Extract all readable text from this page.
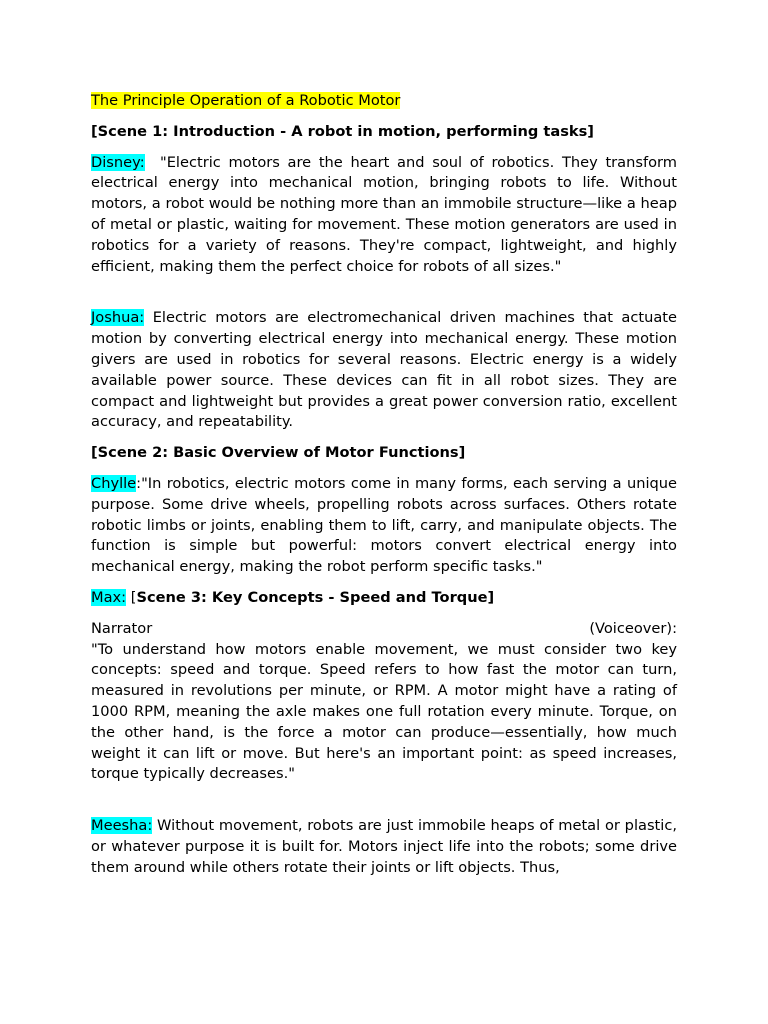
The Principle Operation of a Robotic Motor

[Scene 1: Introduction - A robot in motion, performing tasks]

Disney:  "Electric motors are the heart and soul of robotics. They transform electrical energy into mechanical motion, bringing robots to life. Without motors, a robot would be nothing more than an immobile structure—like a heap of metal or plastic, waiting for movement. These motion generators are used in robotics for a variety of reasons. They're compact, lightweight, and highly efficient, making them the perfect choice for robots of all sizes."

Joshua: Electric motors are electromechanical driven machines that actuate motion by converting electrical energy into mechanical energy. These motion givers are used in robotics for several reasons. Electric energy is a widely available power source. These devices can fit in all robot sizes. They are compact and lightweight but provides a great power conversion ratio, excellent accuracy, and repeatability.

[Scene 2: Basic Overview of Motor Functions]

Chylle:"In robotics, electric motors come in many forms, each serving a unique purpose. Some drive wheels, propelling robots across surfaces. Others rotate robotic limbs or joints, enabling them to lift, carry, and manipulate objects. The function is simple but powerful: motors convert electrical energy into mechanical energy, making the robot perform specific tasks."

Max: [Scene 3: Key Concepts - Speed and Torque]

Narrator	(Voiceover):
"To understand how motors enable movement, we must consider two key concepts: speed and torque. Speed refers to how fast the motor can turn, measured in revolutions per minute, or RPM. A motor might have a rating of 1000 RPM, meaning the axle makes one full rotation every minute. Torque, on the other hand, is the force a motor can produce—essentially, how much weight it can lift or move. But here's an important point: as speed increases, torque typically decreases."

Meesha: Without movement, robots are just immobile heaps of metal or plastic, or whatever purpose it is built for. Motors inject life into the robots; some drive them around while others rotate their joints or lift objects. Thus,
